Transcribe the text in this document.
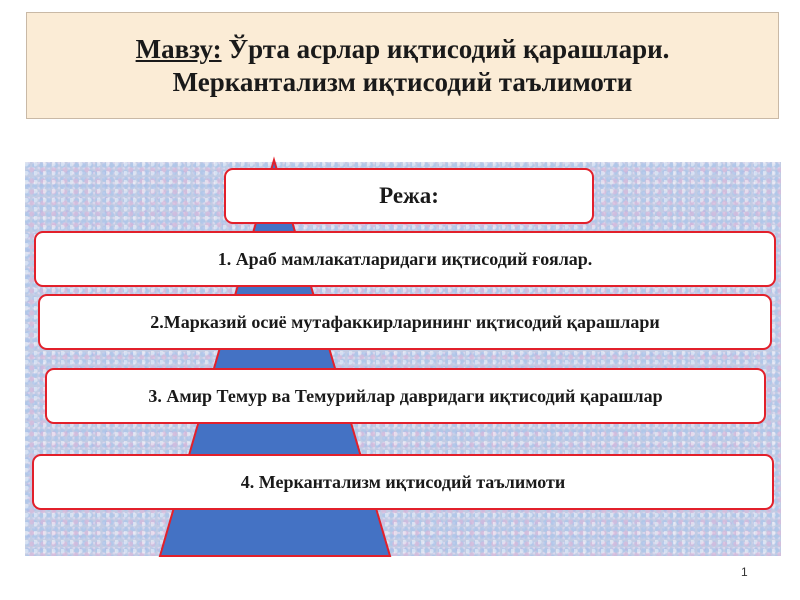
Мавзу: Ўрта асрлар иқтисодий қарашлари.
Меркантализм иқтисодий таълимоти
Режа:
1. Араб мамлакатларидаги иқтисодий ғоялар.
2.Марказий осиё мутафаккирларининг иқтисодий қарашлари
3. Амир Темур ва Темурийлар давридаги иқтисодий қарашлар
4. Меркантализм иқтисодий таълимоти
1
